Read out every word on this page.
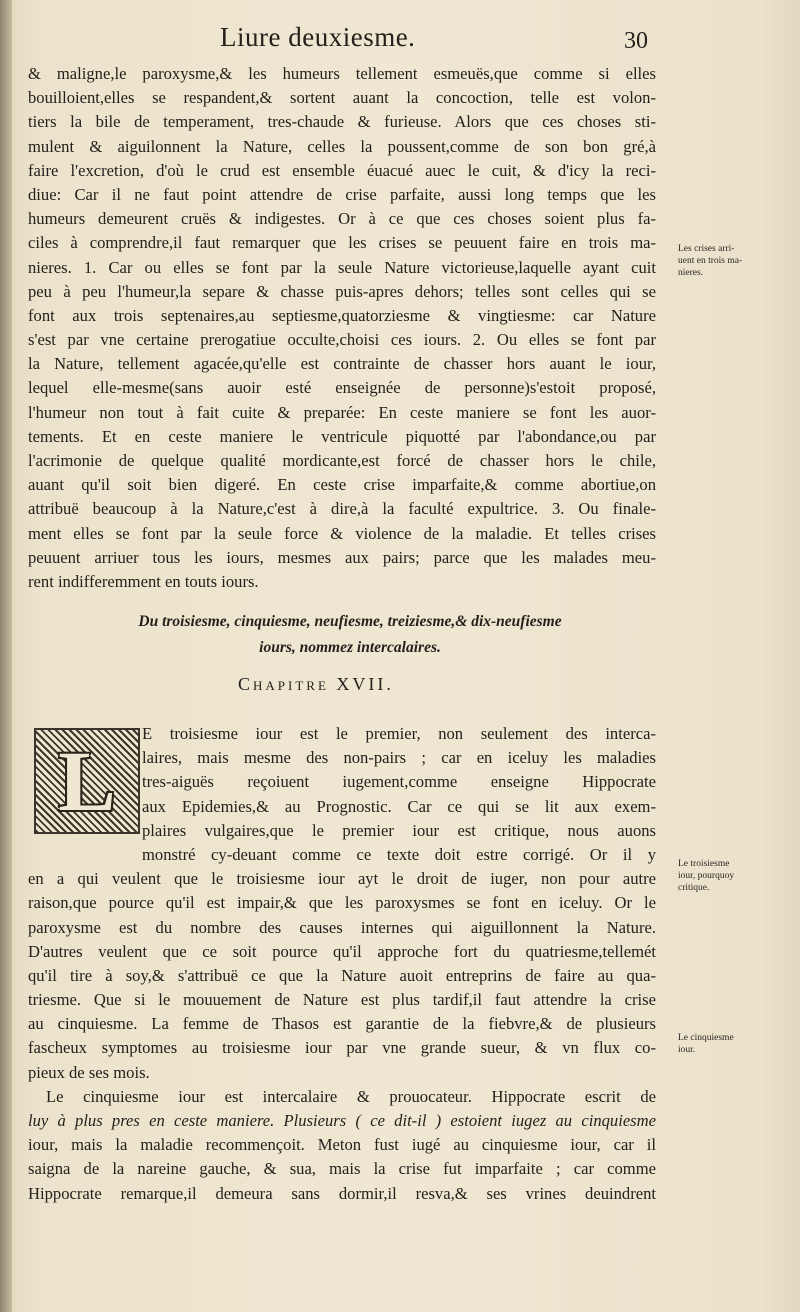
Liure deuxiesme.	30
& maligne,le paroxysme,& les humeurs tellement esmeuës,que comme si elles
bouilloient,elles se respandent,& sortent auant la concoction, telle est volon-
tiers la bile de temperament, tres-chaude & furieuse. Alors que ces choses sti-
mulent & aiguilonnent la Nature, celles la poussent,comme de son bon gré,à
faire l'excretion, d'où le crud est ensemble éuacué auec le cuit, & d'icy la reci-
diue: Car il ne faut point attendre de crise parfaite, aussi long temps que les
humeurs demeurent cruës & indigestes. Or à ce que ces choses soient plus fa-
ciles à comprendre,il faut remarquer que les crises se peuuent faire en trois ma-
nieres. 1. Car ou elles se font par la seule Nature victorieuse,laquelle ayant cuit
peu à peu l'humeur,la separe & chasse puis-apres dehors; telles sont celles qui se
font aux trois septenaires,au septiesme,quatorziesme & vingtiesme: car Nature
s'est par vne certaine prerogatiue occulte,choisi ces iours. 2. Ou elles se font par
la Nature, tellement agacée,qu'elle est contrainte de chasser hors auant le iour,
lequel elle-mesme(sans auoir esté enseignée de personne)s'estoit proposé,
l'humeur non tout à fait cuite & preparée: En ceste maniere se font les auor-
tements. Et en ceste maniere le ventricule piquotté par l'abondance,ou par
l'acrimonie de quelque qualité mordicante,est forcé de chasser hors le chile,
auant qu'il soit bien digeré. En ceste crise imparfaite,& comme abortiue,on
attribuë beaucoup à la Nature,c'est à dire,à la faculté expultrice. 3. Ou finale-
ment elles se font par la seule force & violence de la maladie. Et telles crises
peuuent arriuer tous les iours, mesmes aux pairs; parce que les malades meu-
rent indifferemment en touts iours.
Du troisiesme, cinquiesme, neufiesme, treiziesme,& dix-neufiesme
iours, nommez intercalaires.
Chapitre XVII.
L	E troisiesme iour est le premier, non seulement des interca-
laires, mais mesme des non-pairs ; car en iceluy les maladies
tres-aiguës reçoiuent iugement,comme enseigne Hippocrate
aux Epidemies,& au Prognostic. Car ce qui se lit aux exem-
plaires vulgaires,que le premier iour est critique, nous auons
monstré cy-deuant comme ce texte doit estre corrigé. Or il y
en a qui veulent que le troisiesme iour ayt le droit de iuger, non pour autre
raison,que pource qu'il est impair,& que les paroxysmes se font en iceluy. Or le
paroxysme est du nombre des causes internes qui aiguillonnent la Nature.
D'autres veulent que ce soit pource qu'il approche fort du quatriesme,tellemét
qu'il tire à soy,& s'attribuë ce que la Nature auoit entreprins de faire au qua-
triesme. Que si le mouuement de Nature est plus tardif,il faut attendre la crise
au cinquiesme. La femme de Thasos est garantie de la fiebvre,& de plusieurs
fascheux symptomes au troisiesme iour par vne grande sueur, & vn flux co-
pieux de ses mois.
Le cinquiesme iour est intercalaire & prouocateur. Hippocrate escrit de
luy à plus pres en ceste maniere. Plusieurs ( ce dit-il ) estoient iugez au cinquiesme
iour, mais la maladie recommençoit. Meton fust iugé au cinquiesme iour, car il
saigna de la nareine gauche, & sua, mais la crise fut imparfaite ; car comme
Hippocrate remarque,il demeura sans dormir,il resva,& ses vrines deuindrent
Les crises arri-
uent en trois ma-
nieres.
Le troisiesme
iour, pourquoy
critique.
Le cinquiesme
iour.
